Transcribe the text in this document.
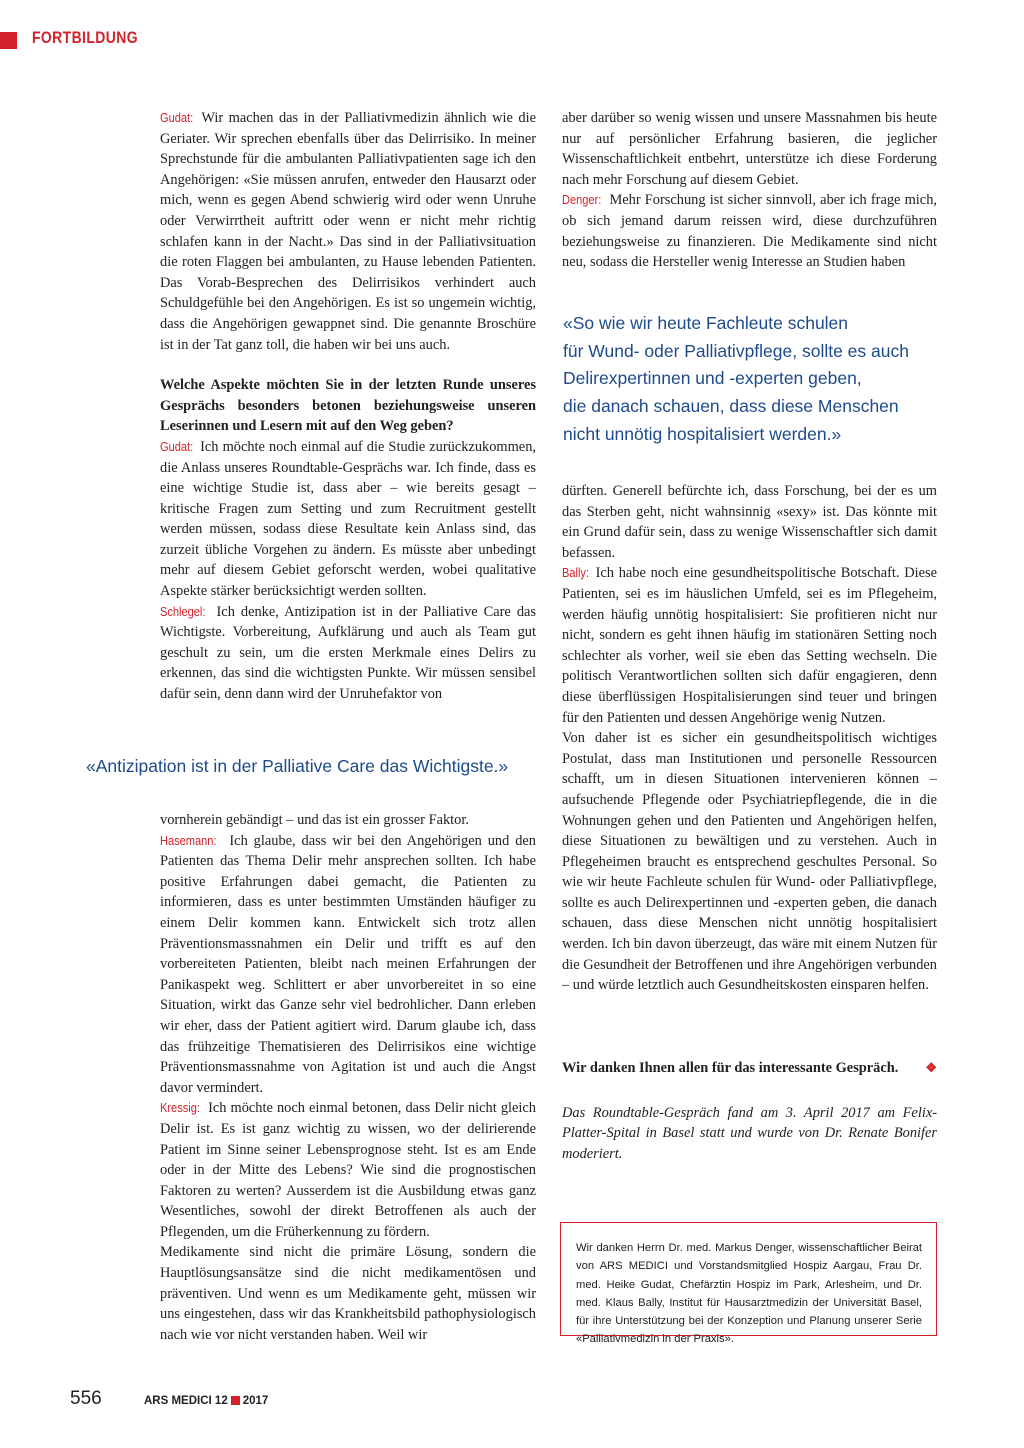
FORTBILDUNG

Gudat: Wir machen das in der Palliativmedizin ähnlich wie die Geriater. Wir sprechen ebenfalls über das Delirrisiko. In meiner Sprechstunde für die ambulanten Palliativpatienten sage ich den Angehörigen: «Sie müssen anrufen, entweder den Hausarzt oder mich, wenn es gegen Abend schwierig wird oder wenn Unruhe oder Verwirrtheit auftritt oder wenn er nicht mehr richtig schlafen kann in der Nacht.» Das sind in der Palliativsituation die roten Flaggen bei ambulanten, zu Hause lebenden Patienten. Das Vorab-Besprechen des Delirrisikos verhindert auch Schuldgefühle bei den Angehörigen. Es ist so ungemein wichtig, dass die Angehörigen gewappnet sind. Die genannte Broschüre ist in der Tat ganz toll, die haben wir bei uns auch.

Welche Aspekte möchten Sie in der letzten Runde unseres Gesprächs besonders betonen beziehungsweise unseren Leserinnen und Lesern mit auf den Weg geben?

Gudat: Ich möchte noch einmal auf die Studie zurückzukommen, die Anlass unseres Roundtable-Gesprächs war. Ich finde, dass es eine wichtige Studie ist, dass aber – wie bereits gesagt – kritische Fragen zum Setting und zum Recruitment gestellt werden müssen, sodass diese Resultate kein Anlass sind, das zurzeit übliche Vorgehen zu ändern. Es müsste aber unbedingt mehr auf diesem Gebiet geforscht werden, wobei qualitative Aspekte stärker berücksichtigt werden sollten.

Schlegel: Ich denke, Antizipation ist in der Palliative Care das Wichtigste. Vorbereitung, Aufklärung und auch als Team gut geschult zu sein, um die ersten Merkmale eines Delirs zu erkennen, das sind die wichtigsten Punkte. Wir müssen sensibel dafür sein, denn dann wird der Unruhefaktor von

«Antizipation ist in der Palliative Care das Wichtigste.»

vornherein gebändigt – und das ist ein grosser Faktor.

Hasemann: Ich glaube, dass wir bei den Angehörigen und den Patienten das Thema Delir mehr ansprechen sollten. Ich habe positive Erfahrungen dabei gemacht, die Patienten zu informieren, dass es unter bestimmten Umständen häufiger zu einem Delir kommen kann. Entwickelt sich trotz allen Präventionsmassnahmen ein Delir und trifft es auf den vorbereiteten Patienten, bleibt nach meinen Erfahrungen der Panikaspekt weg. Schlittert er aber unvorbereitet in so eine Situation, wirkt das Ganze sehr viel bedrohlicher. Dann erleben wir eher, dass der Patient agitiert wird. Darum glaube ich, dass das frühzeitige Thematisieren des Delirrisikos eine wichtige Präventionsmassnahme von Agitation ist und auch die Angst davor vermindert.

Kressig: Ich möchte noch einmal betonen, dass Delir nicht gleich Delir ist. Es ist ganz wichtig zu wissen, wo der delirierende Patient im Sinne seiner Lebensprognose steht. Ist es am Ende oder in der Mitte des Lebens? Wie sind die prognostischen Faktoren zu werten? Ausserdem ist die Ausbildung etwas ganz Wesentliches, sowohl der direkt Betroffenen als auch der Pflegenden, um die Früherkennung zu fördern.

Medikamente sind nicht die primäre Lösung, sondern die Hauptlösungsansätze sind die nicht medikamentösen und präventiven. Und wenn es um Medikamente geht, müssen wir uns eingestehen, dass wir das Krankheitsbild pathophysiologisch nach wie vor nicht verstanden haben. Weil wir

aber darüber so wenig wissen und unsere Massnahmen bis heute nur auf persönlicher Erfahrung basieren, die jeglicher Wissenschaftlichkeit entbehrt, unterstütze ich diese Forderung nach mehr Forschung auf diesem Gebiet.

Denger: Mehr Forschung ist sicher sinnvoll, aber ich frage mich, ob sich jemand darum reissen wird, diese durchzuführen beziehungsweise zu finanzieren. Die Medikamente sind nicht neu, sodass die Hersteller wenig Interesse an Studien haben

«So wie wir heute Fachleute schulen
für Wund- oder Palliativpflege, sollte es auch
Delirexpertinnen und -experten geben,
die danach schauen, dass diese Menschen
nicht unnötig hospitalisiert werden.»

dürften. Generell befürchte ich, dass Forschung, bei der es um das Sterben geht, nicht wahnsinnig «sexy» ist. Das könnte mit ein Grund dafür sein, dass zu wenige Wissenschaftler sich damit befassen.

Bally: Ich habe noch eine gesundheitspolitische Botschaft. Diese Patienten, sei es im häuslichen Umfeld, sei es im Pflegeheim, werden häufig unnötig hospitalisiert: Sie profitieren nicht nur nicht, sondern es geht ihnen häufig im stationären Setting noch schlechter als vorher, weil sie eben das Setting wechseln. Die politisch Verantwortlichen sollten sich dafür engagieren, denn diese überflüssigen Hospitalisierungen sind teuer und bringen für den Patienten und dessen Angehörige wenig Nutzen.

Von daher ist es sicher ein gesundheitspolitisch wichtiges Postulat, dass man Institutionen und personelle Ressourcen schafft, um in diesen Situationen intervenieren können – aufsuchende Pflegende oder Psychiatriepflegende, die in die Wohnungen gehen und den Patienten und Angehörigen helfen, diese Situationen zu bewältigen und zu verstehen. Auch in Pflegeheimen braucht es entsprechend geschultes Personal. So wie wir heute Fachleute schulen für Wund- oder Palliativpflege, sollte es auch Delirexpertinnen und -experten geben, die danach schauen, dass diese Menschen nicht unnötig hospitalisiert werden. Ich bin davon überzeugt, das wäre mit einem Nutzen für die Gesundheit der Betroffenen und ihre Angehörigen verbunden – und würde letztlich auch Gesundheitskosten einsparen helfen.

Wir danken Ihnen allen für das interessante Gespräch. ❖

Das Roundtable-Gespräch fand am 3. April 2017 am Felix-Platter-Spital in Basel statt und wurde von Dr. Renate Bonifer moderiert.

Wir danken Herrn Dr. med. Markus Denger, wissenschaftlicher Beirat von ARS MEDICI und Vorstandsmitglied Hospiz Aargau, Frau Dr. med. Heike Gudat, Chefärztin Hospiz im Park, Arlesheim, und Dr. med. Klaus Bally, Institut für Hausarztmedizin der Universität Basel, für ihre Unterstützung bei der Konzeption und Planung unserer Serie «Palliativmedizin in der Praxis».
556	ARS MEDICI 12 2017
